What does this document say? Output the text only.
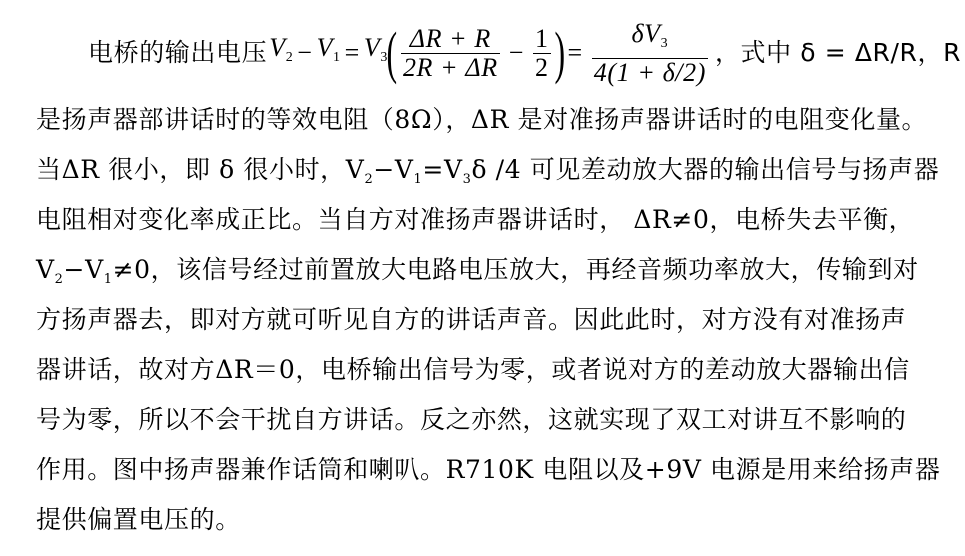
电桥的输出电压 $V_2 - V_1 = V_3$
( $\frac{\Delta R + R}{2R + \Delta R} - \frac{1}{2}$ ) = $\frac{\delta V_3}{4(1 + \delta/2)}$ ，式中 δ = ΔR/R，R
是扬声器部讲话时的等效电阻（8Ω），ΔR 是对准扬声器讲话时的电阻变化量。
当ΔR 很小，即 δ 很小时，$V_2-V_1=V_3\delta$ /4 可见差动放大器的输出信号与扬声器
电阻相对变化率成正比。当自方对准扬声器讲话时， ΔR≠0，电桥失去平衡，
$V_2-V_1\ne 0$，该信号经过前置放大电路电压放大，再经音频功率放大，传输到对
方扬声器去，即对方就可听见自方的讲话声音。因此此时，对方没有对准扬声
器讲话，故对方ΔR＝0，电桥输出信号为零，或者说对方的差动放大器输出信
号为零，所以不会干扰自方讲话。反之亦然，这就实现了双工对讲互不影响的
作用。图中扬声器兼作话筒和喇叭。R710K 电阻以及+9V 电源是用来给扬声器
提供偏置电压的。
